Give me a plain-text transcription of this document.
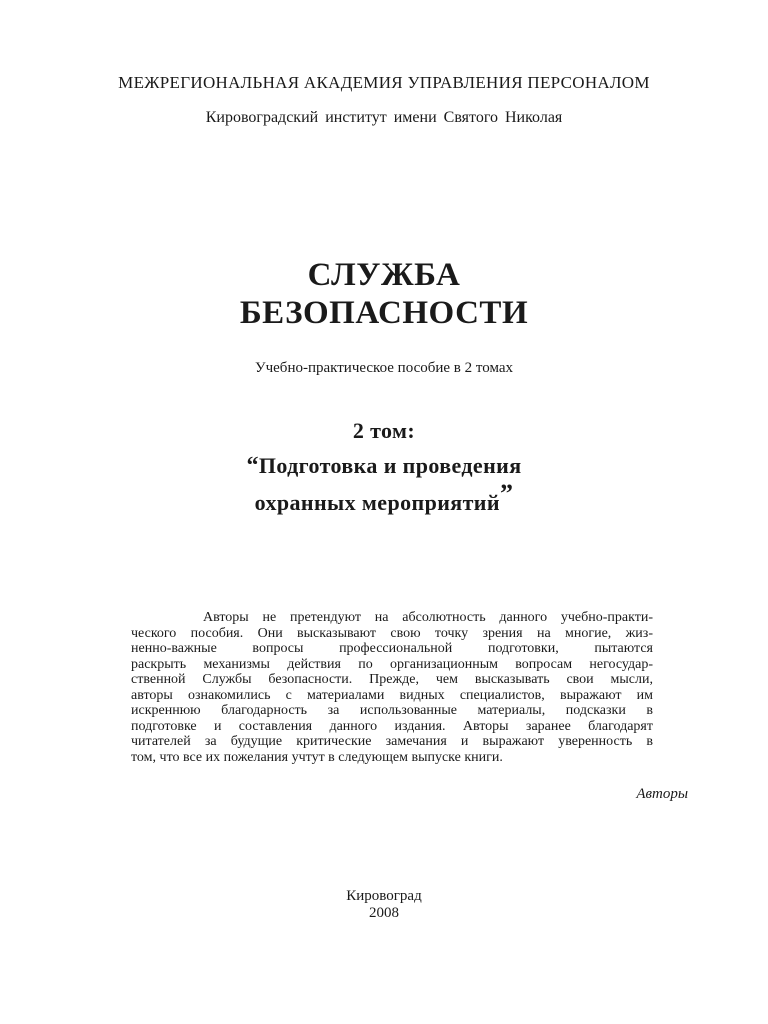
МЕЖРЕГИОНАЛЬНАЯ АКАДЕМИЯ УПРАВЛЕНИЯ ПЕРСОНАЛОМ
Кировоградский институт имени Святого Николая
СЛУЖБА
БЕЗОПАСНОСТИ
Учебно-практическое пособие в 2 томах
2 том:
“Подготовка и проведения
охранных мероприятий”
Авторы не претендуют на абсолютность данного учебно-практи-
ческого пособия. Они высказывают свою точку зрения на многие, жиз-
ненно-важные вопросы профессиональной подготовки, пытаются
раскрыть механизмы действия по организационным вопросам негосудар-
ственной Службы безопасности. Прежде, чем высказывать свои мысли,
авторы ознакомились с материалами видных специалистов, выражают им
искреннюю благодарность за использованные материалы, подсказки в
подготовке и составления данного издания. Авторы заранее благодарят
читателей за будущие критические замечания и выражают уверенность в
том, что все их пожелания учтут в следующем выпуске книги.
Авторы
Кировоград
2008
